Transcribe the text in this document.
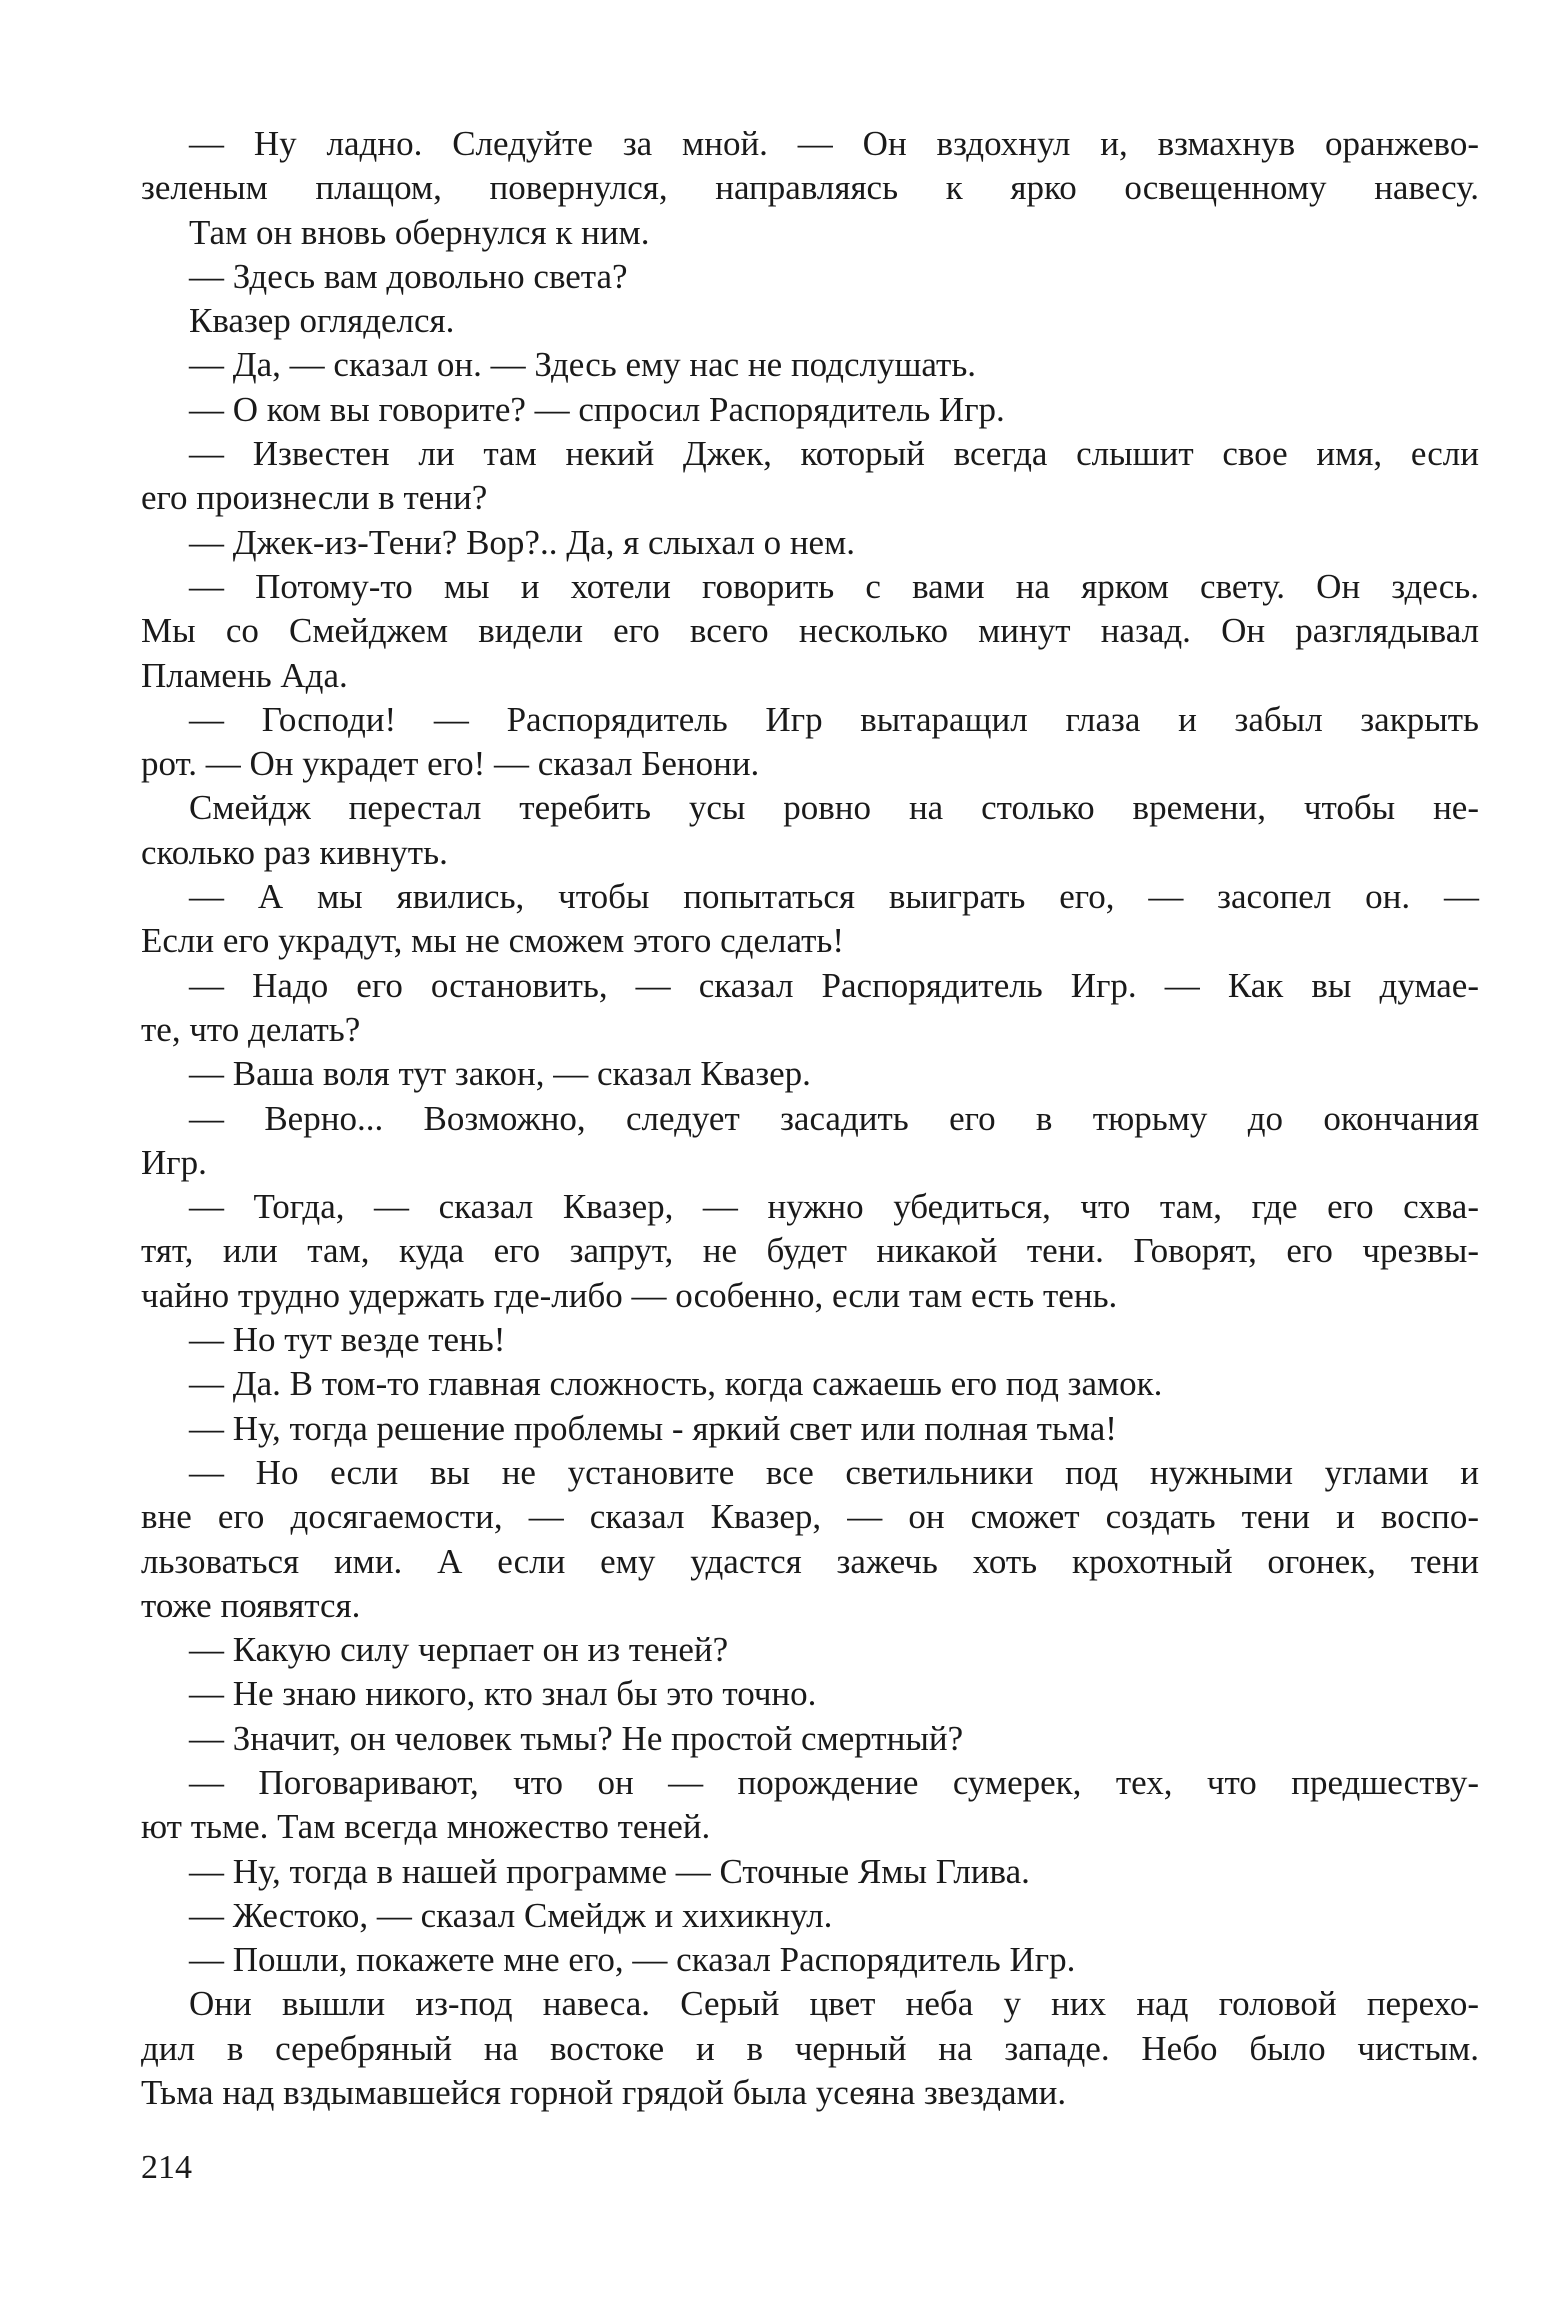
— Ну ладно. Следуйте за мной. — Он вздохнул и, взмахнув оранжево-
зеленым плащом, повернулся, направляясь к ярко освещенному навесу.
Там он вновь обернулся к ним.
— Здесь вам довольно света?
Квазер огляделся.
— Да, — сказал он. — Здесь ему нас не подслушать.
— О ком вы говорите? — спросил Распорядитель Игр.
— Известен ли там некий Джек, который всегда слышит свое имя, если
его произнесли в тени?
— Джек-из-Тени? Вор?.. Да, я слыхал о нем.
— Потому-то мы и хотели говорить с вами на ярком свету. Он здесь.
Мы со Смейджем видели его всего несколько минут назад. Он разглядывал
Пламень Ада.
— Господи! — Распорядитель Игр вытаращил глаза и забыл закрыть
рот. — Он украдет его! — сказал Бенони.
Смейдж перестал теребить усы ровно на столько времени, чтобы не-
сколько раз кивнуть.
— А мы явились, чтобы попытаться выиграть его, — засопел он. —
Если его украдут, мы не сможем этого сделать!
— Надо его остановить, — сказал Распорядитель Игр. — Как вы думае-
те, что делать?
— Ваша воля тут закон, — сказал Квазер.
— Верно... Возможно, следует засадить его в тюрьму до окончания
Игр.
— Тогда, — сказал Квазер, — нужно убедиться, что там, где его схва-
тят, или там, куда его запрут, не будет никакой тени. Говорят, его чрезвы-
чайно трудно удержать где-либо — особенно, если там есть тень.
— Но тут везде тень!
— Да. В том-то главная сложность, когда сажаешь его под замок.
— Ну, тогда решение проблемы - яркий свет или полная тьма!
— Но если вы не установите все светильники под нужными углами и
вне его досягаемости, — сказал Квазер, — он сможет создать тени и воспо-
льзоваться ими. А если ему удастся зажечь хоть крохотный огонек, тени
тоже появятся.
— Какую силу черпает он из теней?
— Не знаю никого, кто знал бы это точно.
— Значит, он человек тьмы? Не простой смертный?
— Поговаривают, что он — порождение сумерек, тех, что предшеству-
ют тьме. Там всегда множество теней.
— Ну, тогда в нашей программе — Сточные Ямы Глива.
— Жестоко, — сказал Смейдж и хихикнул.
— Пошли, покажете мне его, — сказал Распорядитель Игр.
Они вышли из-под навеса. Серый цвет неба у них над головой перехо-
дил в серебряный на востоке и в черный на западе. Небо было чистым.
Тьма над вздымавшейся горной грядой была усеяна звездами.
214
